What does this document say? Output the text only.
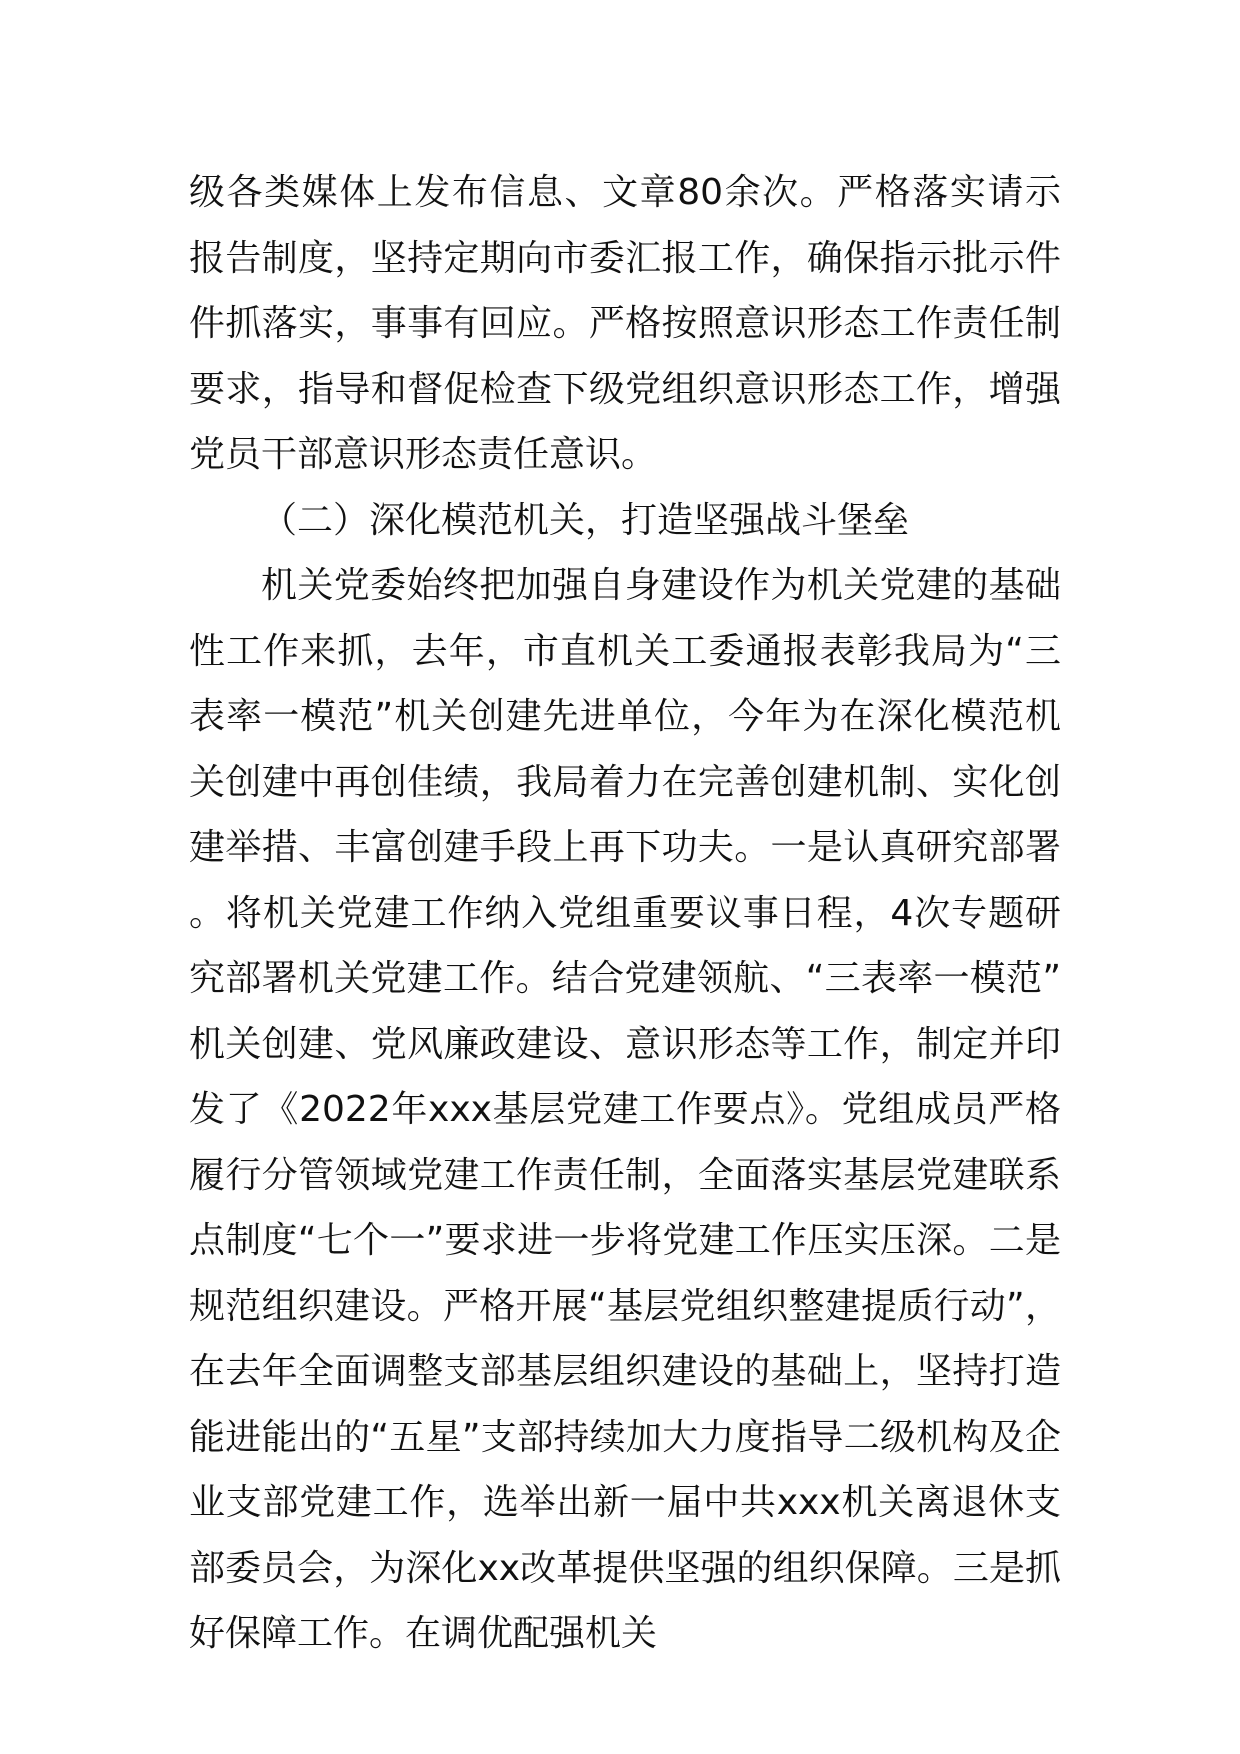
级各类媒体上发布信息、文章80余次。严格落实请示报告制度，坚持定期向市委汇报工作，确保指示批示件件抓落实，事事有回应。严格按照意识形态工作责任制要求，指导和督促检查下级党组织意识形态工作，增强党员干部意识形态责任意识。

（二）深化模范机关，打造坚强战斗堡垒

机关党委始终把加强自身建设作为机关党建的基础性工作来抓，去年，市直机关工委通报表彰我局为“三表率一模范”机关创建先进单位，今年为在深化模范机关创建中再创佳绩，我局着力在完善创建机制、实化创建举措、丰富创建手段上再下功夫。一是认真研究部署。将机关党建工作纳入党组重要议事日程，4次专题研究部署机关党建工作。结合党建领航、“三表率一模范”机关创建、党风廉政建设、意识形态等工作，制定并印发了《2022年xxx基层党建工作要点》。党组成员严格履行分管领域党建工作责任制，全面落实基层党建联系点制度“七个一”要求进一步将党建工作压实压深。二是规范组织建设。严格开展“基层党组织整建提质行动”，在去年全面调整支部基层组织建设的基础上，坚持打造能进能出的“五星”支部持续加大力度指导二级机构及企业支部党建工作，选举出新一届中共xxx机关离退休支部委员会，为深化xx改革提供坚强的组织保障。三是抓好保障工作。在调优配强机关
